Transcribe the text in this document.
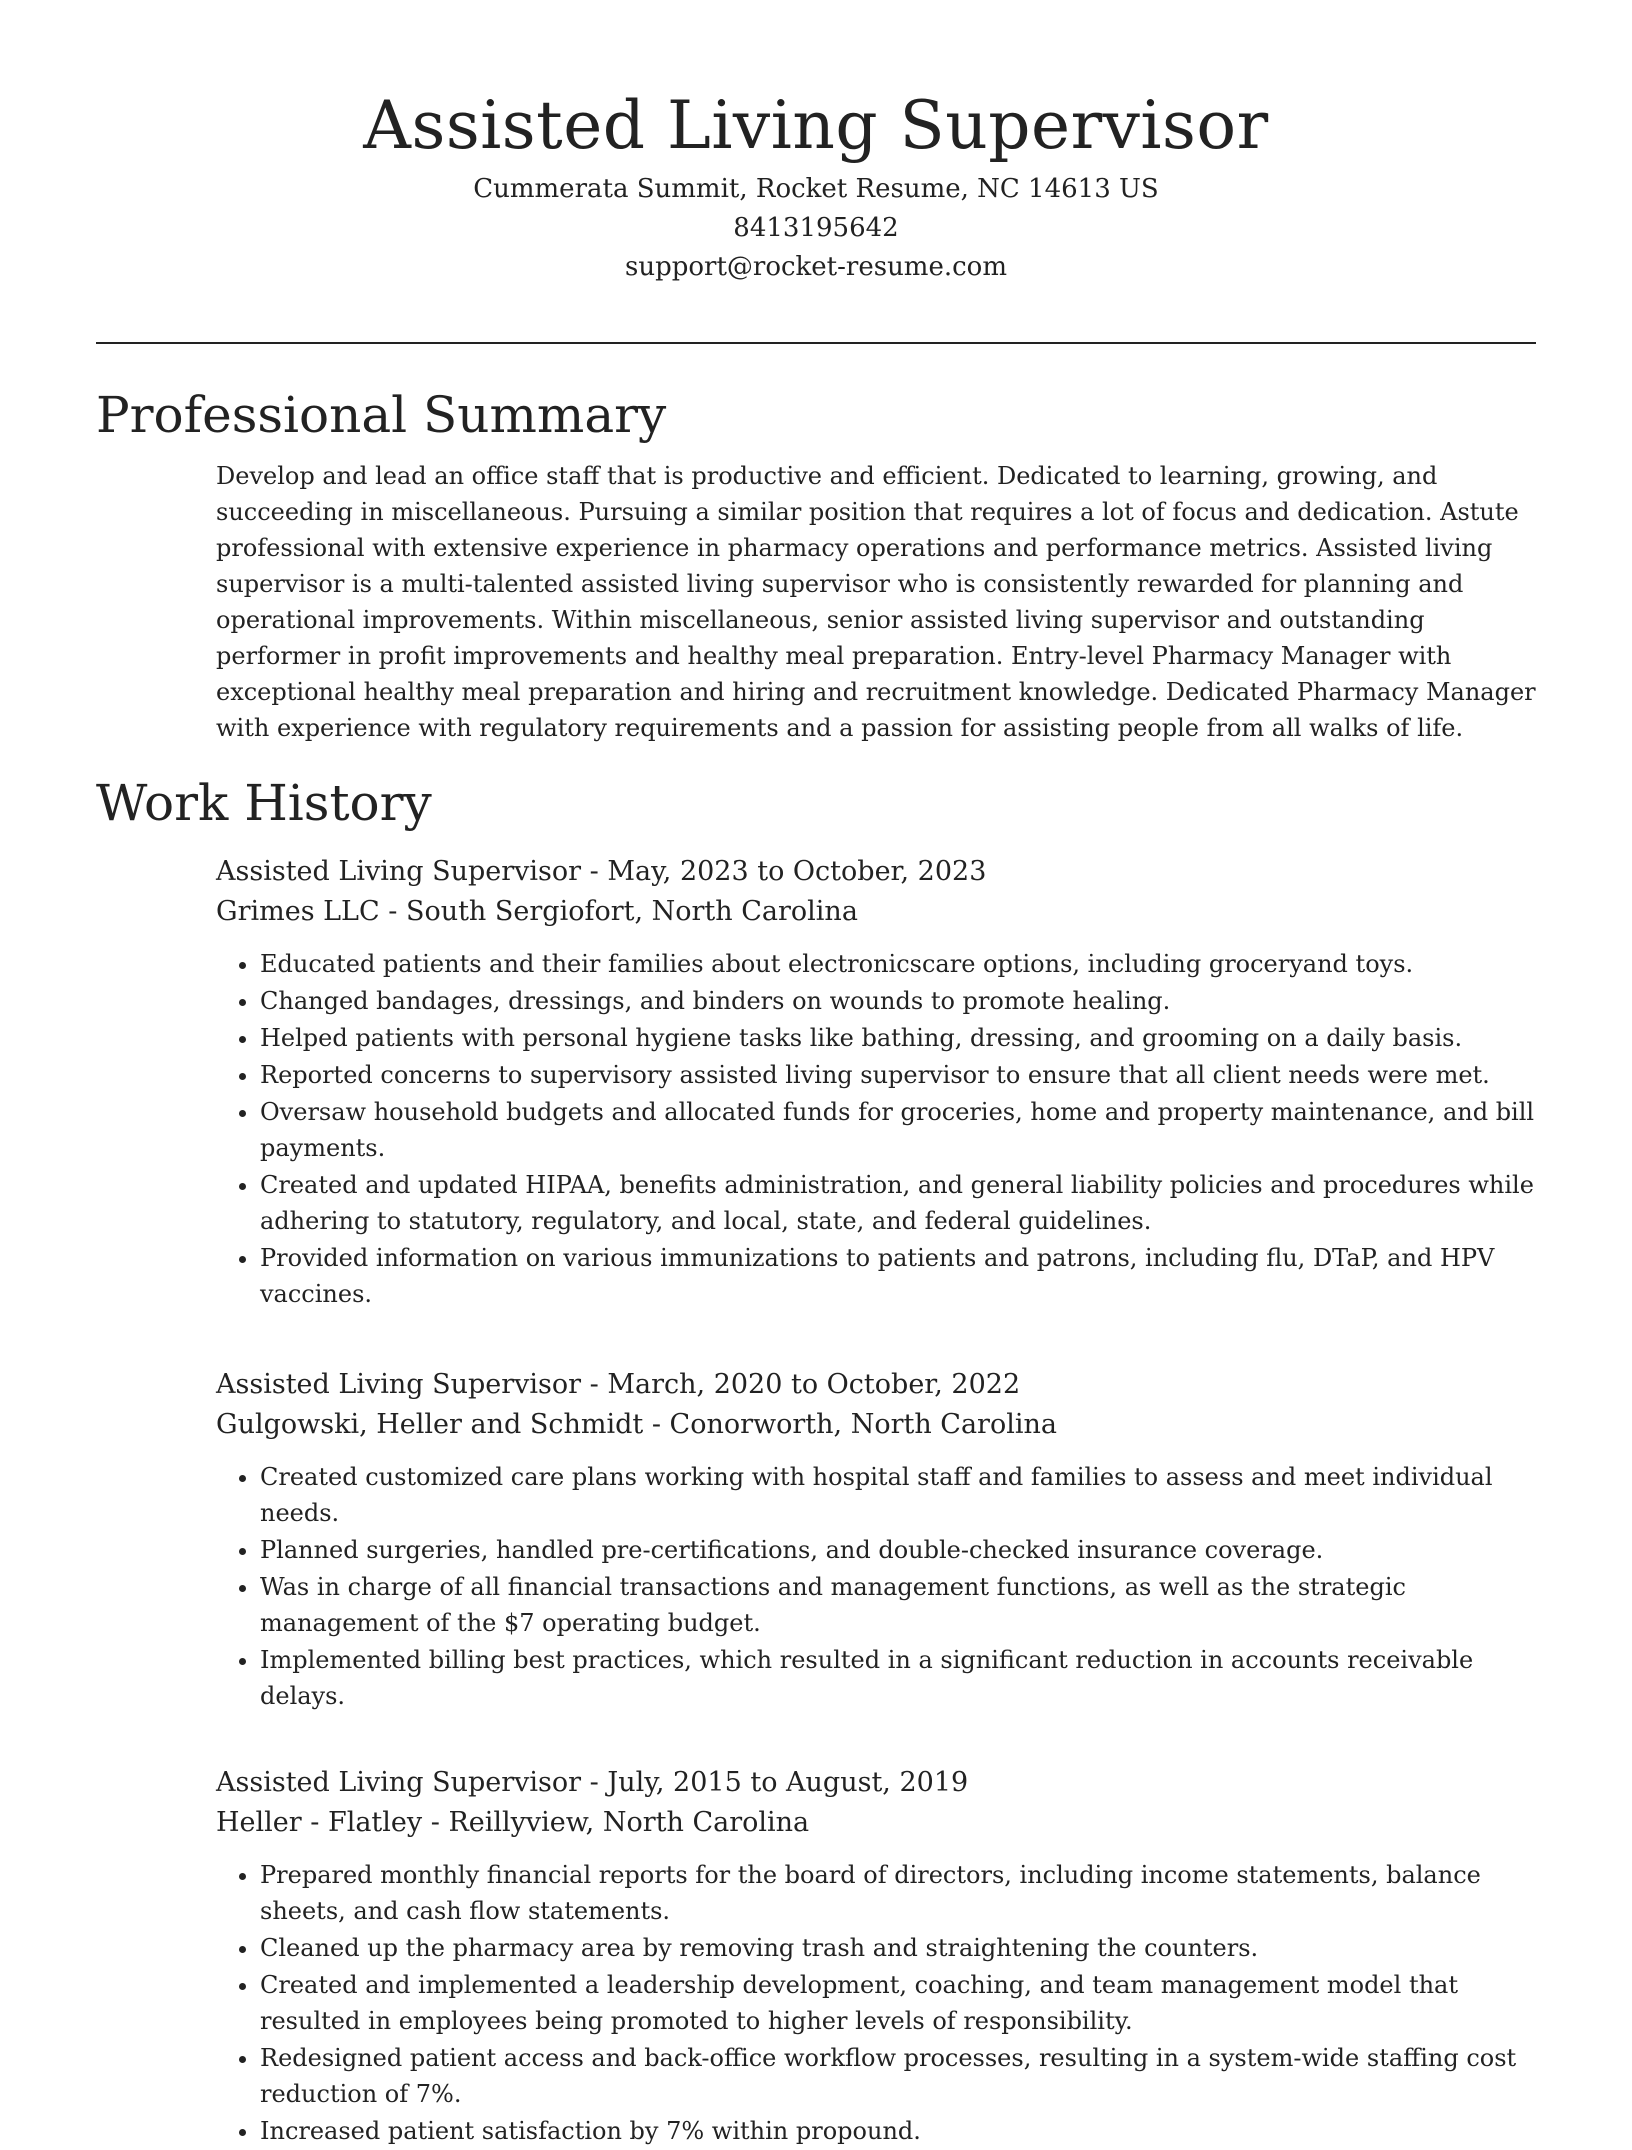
Assisted Living Supervisor
Cummerata Summit, Rocket Resume, NC 14613 US
8413195642
support@rocket-resume.com
Professional Summary

Develop and lead an office staff that is productive and efficient. Dedicated to learning, growing, and succeeding in miscellaneous. Pursuing a similar position that requires a lot of focus and dedication. Astute professional with extensive experience in pharmacy operations and performance metrics. Assisted living supervisor is a multi-talented assisted living supervisor who is consistently rewarded for planning and operational improvements. Within miscellaneous, senior assisted living supervisor and outstanding performer in profit improvements and healthy meal preparation. Entry-level Pharmacy Manager with exceptional healthy meal preparation and hiring and recruitment knowledge. Dedicated Pharmacy Manager with experience with regulatory requirements and a passion for assisting people from all walks of life.

Work History
Assisted Living Supervisor - May, 2023 to October, 2023
Grimes LLC - South Sergiofort, North Carolina
• Educated patients and their families about electronicscare options, including groceryand toys.
• Changed bandages, dressings, and binders on wounds to promote healing.
• Helped patients with personal hygiene tasks like bathing, dressing, and grooming on a daily basis.
• Reported concerns to supervisory assisted living supervisor to ensure that all client needs were met.
• Oversaw household budgets and allocated funds for groceries, home and property maintenance, and bill payments.
• Created and updated HIPAA, benefits administration, and general liability policies and procedures while adhering to statutory, regulatory, and local, state, and federal guidelines.
• Provided information on various immunizations to patients and patrons, including flu, DTaP, and HPV vaccines.
Assisted Living Supervisor - March, 2020 to October, 2022
Gulgowski, Heller and Schmidt - Conorworth, North Carolina
• Created customized care plans working with hospital staff and families to assess and meet individual needs.
• Planned surgeries, handled pre-certifications, and double-checked insurance coverage.
• Was in charge of all financial transactions and management functions, as well as the strategic management of the $7 operating budget.
• Implemented billing best practices, which resulted in a significant reduction in accounts receivable delays.
Assisted Living Supervisor - July, 2015 to August, 2019
Heller - Flatley - Reillyview, North Carolina
• Prepared monthly financial reports for the board of directors, including income statements, balance sheets, and cash flow statements.
• Cleaned up the pharmacy area by removing trash and straightening the counters.
• Created and implemented a leadership development, coaching, and team management model that resulted in employees being promoted to higher levels of responsibility.
• Redesigned patient access and back-office workflow processes, resulting in a system-wide staffing cost reduction of 7%.
• Increased patient satisfaction by 7% within propound.
